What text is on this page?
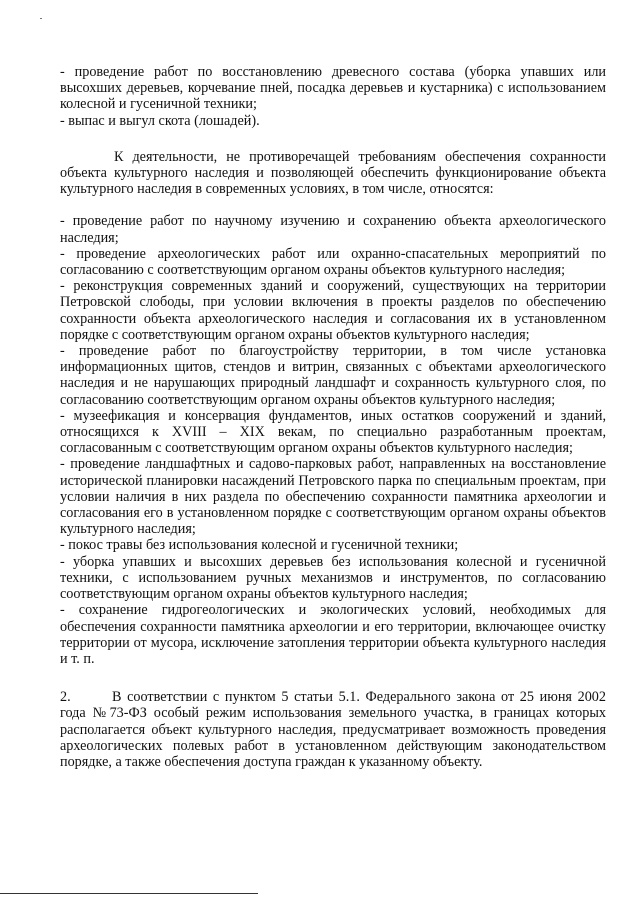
- проведение работ по восстановлению древесного состава (уборка упавших или высохших деревьев, корчевание пней, посадка деревьев и кустарника) с использованием колесной и гусеничной техники;

- выпас и выгул скота (лошадей).

К деятельности, не противоречащей требованиям обеспечения сохранности объекта культурного наследия и позволяющей обеспечить функционирование объекта культурного наследия в современных условиях, в том числе, относятся:

- проведение работ по научному изучению и сохранению объекта археологического наследия;

- проведение археологических работ или охранно-спасательных мероприятий по согласованию с соответствующим органом охраны объектов культурного наследия;

- реконструкция современных зданий и сооружений, существующих на территории Петровской слободы, при условии включения в проекты разделов по обеспечению сохранности объекта археологического наследия и согласования их в установленном порядке с соответствующим органом охраны объектов культурного наследия;

- проведение работ по благоустройству территории, в том числе установка информационных щитов, стендов и витрин, связанных с объектами археологического наследия и не нарушающих природный ландшафт и сохранность культурного слоя, по согласованию соответствующим органом охраны объектов культурного наследия;

- музеефикация и консервация фундаментов, иных остатков сооружений и зданий, относящихся к XVIII – XIX векам, по специально разработанным проектам, согласованным с соответствующим органом охраны объектов культурного наследия;

- проведение ландшафтных и садово-парковых работ, направленных на восстановление исторической планировки насаждений Петровского парка по специальным проектам, при условии наличия в них раздела по обеспечению сохранности памятника археологии и согласования его в установленном порядке с соответствующим органом охраны объектов культурного наследия;

- покос травы без использования колесной и гусеничной техники;

- уборка упавших и высохших деревьев без использования колесной и гусеничной техники, с использованием ручных механизмов и инструментов, по согласованию соответствующим органом охраны объектов культурного наследия;

- сохранение гидрогеологических и экологических условий, необходимых для обеспечения сохранности памятника археологии и его территории, включающее очистку территории от мусора, исключение затопления территории объекта культурного наследия и т. п.

2.	В соответствии с пунктом 5 статьи 5.1. Федерального закона от 25 июня 2002 года №73-ФЗ особый режим использования земельного участка, в границах которых располагается объект культурного наследия, предусматривает возможность проведения археологических полевых работ в установленном действующим законодательством порядке, а также обеспечения доступа граждан к указанному объекту.
